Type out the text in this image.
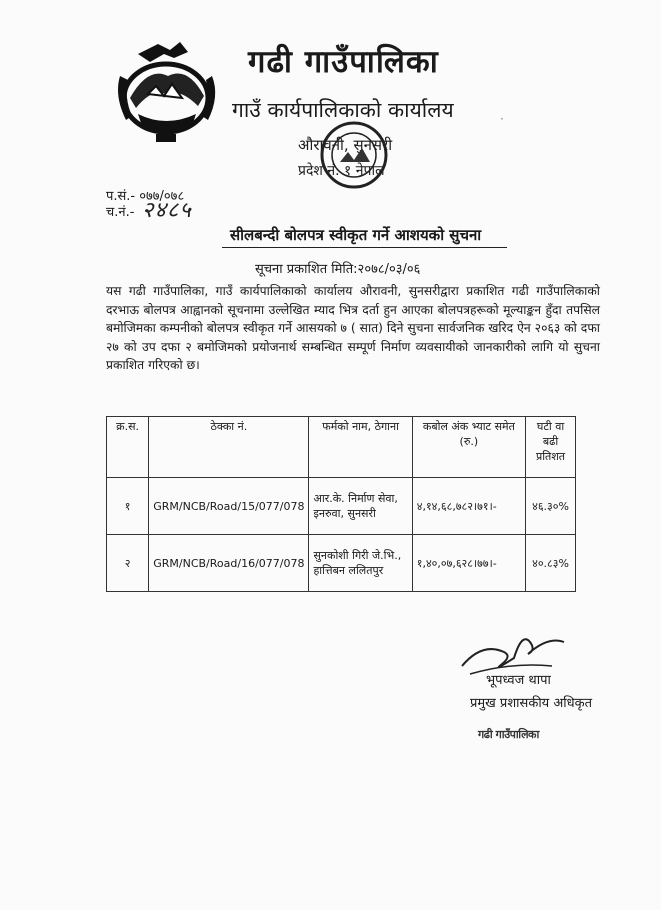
गढी गाउँपालिका
गाउँ कार्यपालिकाको कार्यालय
औरावनी, सुनसरी
प्रदेश नं. १ नेपाल
·
प.सं.- ०७७/०७८
च.नं.- २४८५
सीलबन्दी बोलपत्र स्वीकृत गर्ने आशयको सुचना
सूचना प्रकाशित मिति:२०७८/०३/०६
यस गढी गाउँपालिका, गाउँ कार्यपालिकाको कार्यालय औरावनी, सुनसरीद्वारा प्रकाशित गढी गाउँपालिकाको दरभाऊ बोलपत्र आह्वानको सूचनामा उल्लेखित म्याद भित्र दर्ता हुन आएका बोलपत्रहरूको मूल्याङ्कन हुँदा तपसिल बमोजिमका कम्पनीको बोलपत्र स्वीकृत गर्ने आसयको ७ ( सात) दिने सुचना सार्वजनिक खरिद ऐन २०६३ को दफा २७ को उप दफा २ बमोजिमको प्रयोजनार्थ सम्बन्धित सम्पूर्ण निर्माण व्यवसायीको जानकारीको लागि यो सुचना प्रकाशित गरिएको छ।
क्र.स.	ठेक्का नं.	फर्मको नाम, ठेगाना	कबोल अंक भ्याट समेत (रु.)	घटी वा बढी प्रतिशत
१	GRM/NCB/Road/15/077/078	आर.के. निर्माण सेवा, इनरुवा, सुनसरी	४,१४,६८,७८२।७१।-	४६.३०%
२	GRM/NCB/Road/16/077/078	सुनकोशी गिरी जे.भि., हात्तिबन ललितपुर	१,४०,०७,६२८।७७।-	४०.८३%
भूपध्वज थापा
प्रमुख प्रशासकीय अधिकृत
गढी गाउँपालिका
